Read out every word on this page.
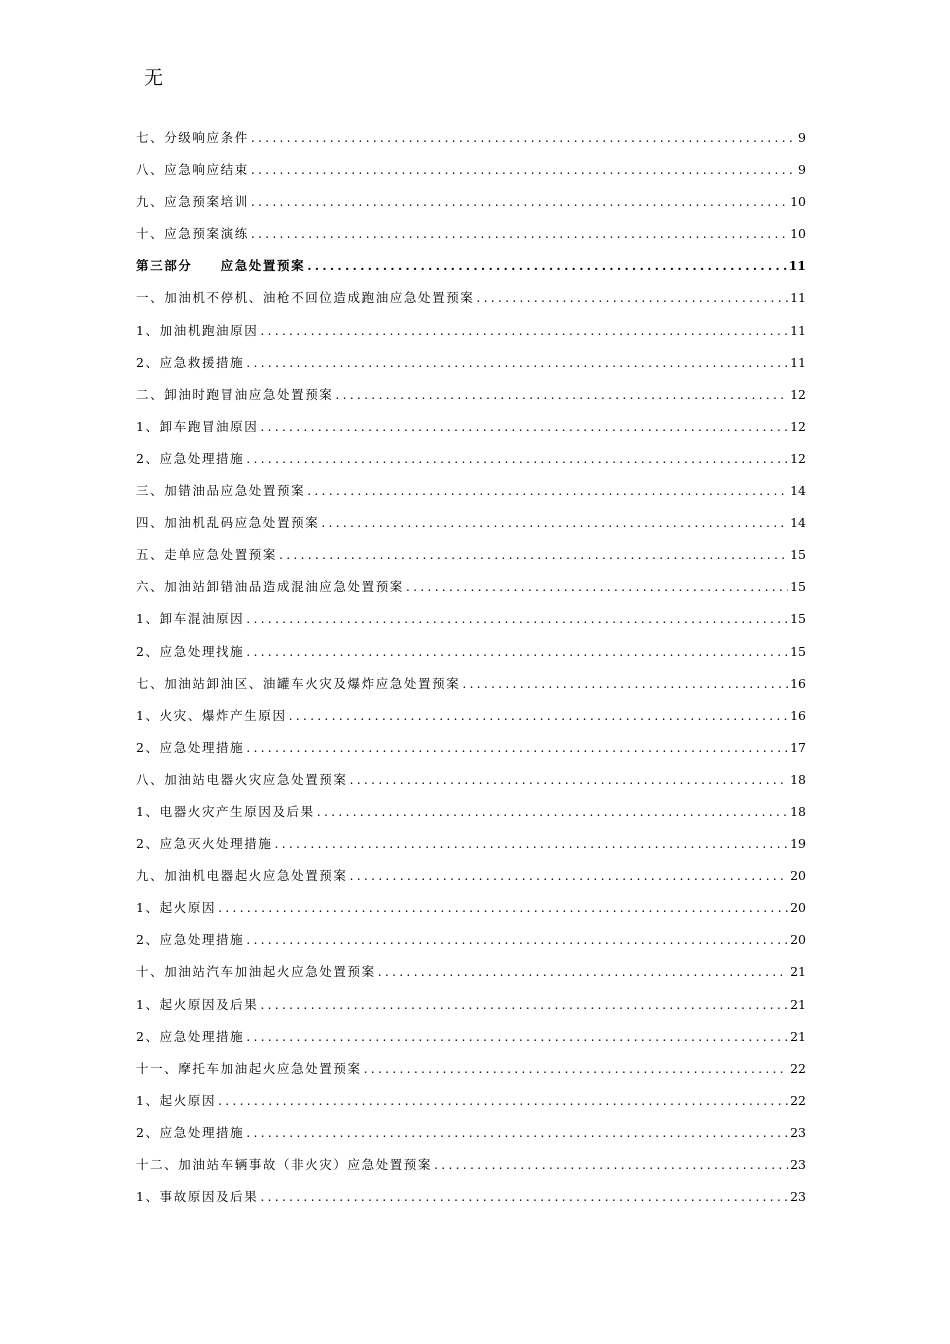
无
七、分级响应条件 .....	9
八、应急响应结束 .....	9
九、应急预案培训 .....	10
十、应急预案演练 .....	10
第三部分　　应急处置预案 .....	11
一、加油机不停机、油枪不回位造成跑油应急处置预案 .....	11
1、加油机跑油原因 .....	11
2、应急救援措施 .....	11
二、卸油时跑冒油应急处置预案 .....	12
1、卸车跑冒油原因 .....	12
2、应急处理措施 .....	12
三、加错油品应急处置预案 .....	14
四、加油机乱码应急处置预案 .....	14
五、走单应急处置预案 .....	15
六、加油站卸错油品造成混油应急处置预案 .....	15
1、卸车混油原因 .....	15
2、应急处理找施 .....	15
七、加油站卸油区、油罐车火灾及爆炸应急处置预案 .....	16
1、火灾、爆炸产生原因 .....	16
2、应急处理措施 .....	17
八、加油站电器火灾应急处置预案 .....	18
1、电器火灾产生原因及后果 .....	18
2、应急灭火处理措施 .....	19
九、加油机电器起火应急处置预案 .....	20
1、起火原因 .....	20
2、应急处理措施 .....	20
十、加油站汽车加油起火应急处置预案 .....	21
1、起火原因及后果 .....	21
2、应急处理措施 .....	21
十一、摩托车加油起火应急处置预案 .....	22
1、起火原因 .....	22
2、应急处理措施 .....	23
十二、加油站车辆事故（非火灾）应急处置预案 .....	23
1、事故原因及后果 .....	23
